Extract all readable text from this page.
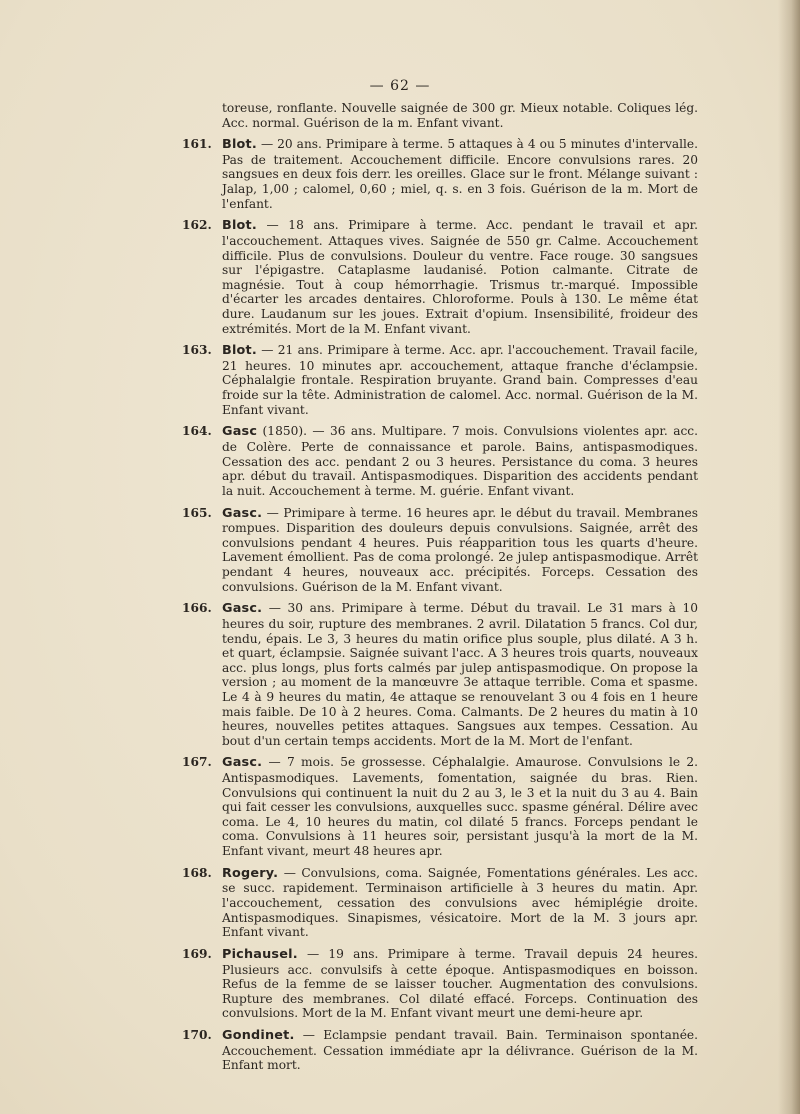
— 62 —

toreuse, ronflante. Nouvelle saignée de 300 gr. Mieux notable. Coliques lég. Acc. normal. Guérison de la m. Enfant vivant.

161. Blot. — 20 ans. Primipare à terme. 5 attaques à 4 ou 5 minutes d'intervalle. Pas de traitement. Accouchement difficile. Encore convulsions rares. 20 sangsues en deux fois derr. les oreilles. Glace sur le front. Mélange suivant : Jalap, 1,00 ; calomel, 0,60 ; miel, q. s. en 3 fois. Guérison de la m. Mort de l'enfant.
162. Blot. — 18 ans. Primipare à terme. Acc. pendant le travail et apr. l'accouchement. Attaques vives. Saignée de 550 gr. Calme. Accouchement difficile. Plus de convulsions. Douleur du ventre. Face rouge. 30 sangsues sur l'épigastre. Cataplasme laudanisé. Potion calmante. Citrate de magnésie. Tout à coup hémorrhagie. Trismus tr.-marqué. Impossible d'écarter les arcades dentaires. Chloroforme. Pouls à 130. Le même état dure. Laudanum sur les joues. Extrait d'opium. Insensibilité, froideur des extrémités. Mort de la M. Enfant vivant.
163. Blot. — 21 ans. Primipare à terme. Acc. apr. l'accouchement. Travail facile, 21 heures. 10 minutes apr. accouchement, attaque franche d'éclampsie. Céphalalgie frontale. Respiration bruyante. Grand bain. Compresses d'eau froide sur la tête. Administration de calomel. Acc. normal. Guérison de la M. Enfant vivant.
164. Gasc (1850). — 36 ans. Multipare. 7 mois. Convulsions violentes apr. acc. de Colère. Perte de connaissance et parole. Bains, antispasmodiques. Cessation des acc. pendant 2 ou 3 heures. Persistance du coma. 3 heures apr. début du travail. Antispasmodiques. Disparition des accidents pendant la nuit. Accouchement à terme. M. guérie. Enfant vivant.
165. Gasc. — Primipare à terme. 16 heures apr. le début du travail. Membranes rompues. Disparition des douleurs depuis convulsions. Saignée, arrêt des convulsions pendant 4 heures. Puis réapparition tous les quarts d'heure. Lavement émollient. Pas de coma prolongé. 2e julep antispasmodique. Arrêt pendant 4 heures, nouveaux acc. précipités. Forceps. Cessation des convulsions. Guérison de la M. Enfant vivant.
166. Gasc. — 30 ans. Primipare à terme. Début du travail. Le 31 mars à 10 heures du soir, rupture des membranes. 2 avril. Dilatation 5 francs. Col dur, tendu, épais. Le 3, 3 heures du matin orifice plus souple, plus dilaté. A 3 h. et quart, éclampsie. Saignée suivant l'acc. A 3 heures trois quarts, nouveaux acc. plus longs, plus forts calmés par julep antispasmodique. On propose la version ; au moment de la manœuvre 3e attaque terrible. Coma et spasme. Le 4 à 9 heures du matin, 4e attaque se renouvelant 3 ou 4 fois en 1 heure mais faible. De 10 à 2 heures. Coma. Calmants. De 2 heures du matin à 10 heures, nouvelles petites attaques. Sangsues aux tempes. Cessation. Au bout d'un certain temps accidents. Mort de la M. Mort de l'enfant.
167. Gasc. — 7 mois. 5e grossesse. Céphalalgie. Amaurose. Convulsions le 2. Antispasmodiques. Lavements, fomentation, saignée du bras. Rien. Convulsions qui continuent la nuit du 2 au 3, le 3 et la nuit du 3 au 4. Bain qui fait cesser les convulsions, auxquelles succ. spasme général. Délire avec coma. Le 4, 10 heures du matin, col dilaté 5 francs. Forceps pendant le coma. Convulsions à 11 heures soir, persistant jusqu'à la mort de la M. Enfant vivant, meurt 48 heures apr.
168. Rogery. — Convulsions, coma. Saignée, Fomentations générales. Les acc. se succ. rapidement. Terminaison artificielle à 3 heures du matin. Apr. l'accouchement, cessation des convulsions avec hémiplégie droite. Antispasmodiques. Sinapismes, vésicatoire. Mort de la M. 3 jours apr. Enfant vivant.
169. Pichausel. — 19 ans. Primipare à terme. Travail depuis 24 heures. Plusieurs acc. convulsifs à cette époque. Antispasmodiques en boisson. Refus de la femme de se laisser toucher. Augmentation des convulsions. Rupture des membranes. Col dilaté effacé. Forceps. Continuation des convulsions. Mort de la M. Enfant vivant meurt une demi-heure apr.
170. Gondinet. — Eclampsie pendant travail. Bain. Terminaison spontanée. Accouchement. Cessation immédiate apr la délivrance. Guérison de la M. Enfant mort.
